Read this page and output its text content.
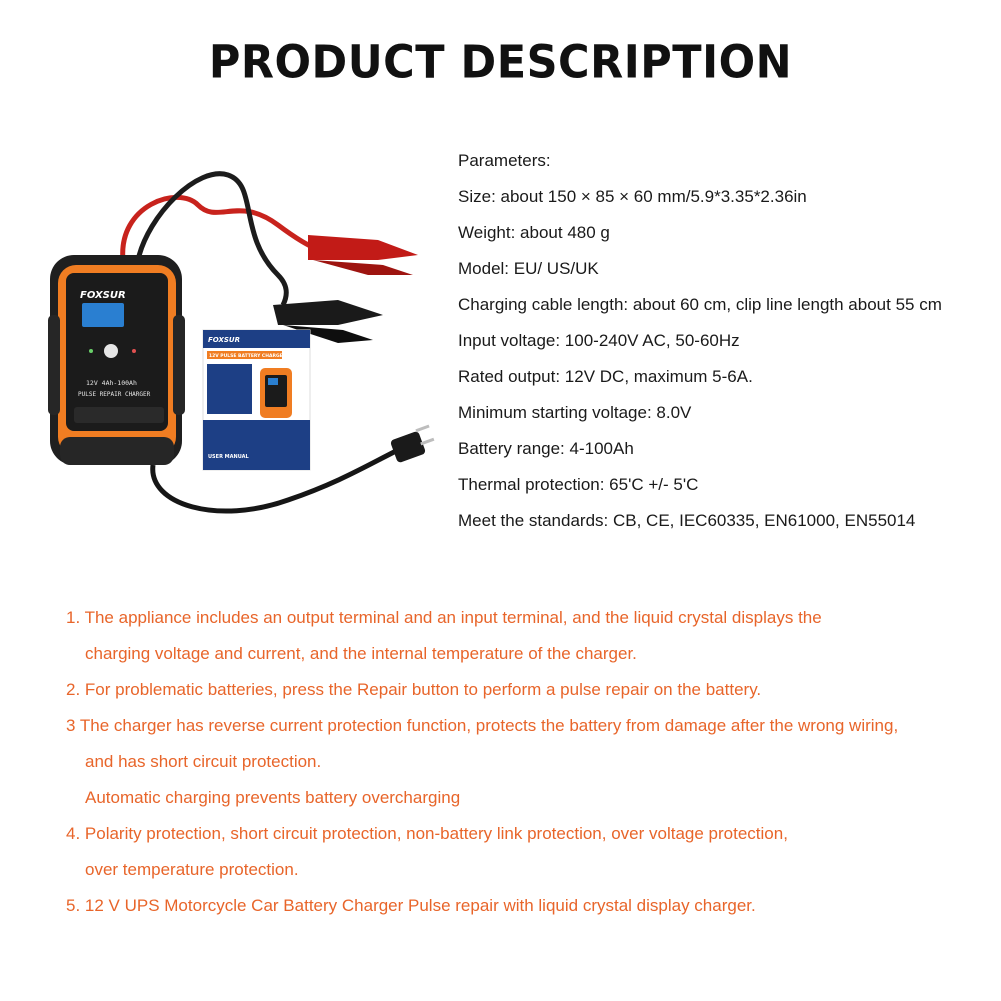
PRODUCT DESCRIPTION
FOXSUR
12V 4Ah-100Ah
PULSE REPAIR CHARGER
FOXSUR
12V PULSE BATTERY CHARGER
USER MANUAL
Parameters:
Size: about 150 × 85 × 60 mm/5.9*3.35*2.36in
Weight: about 480 g
Model: EU/ US/UK
Charging cable length: about 60 cm, clip line length about 55 cm
Input voltage: 100-240V AC, 50-60Hz
Rated output: 12V DC, maximum 5-6A.
Minimum starting voltage: 8.0V
Battery range: 4-100Ah
Thermal protection: 65'C +/- 5'C
Meet the standards: CB, CE, IEC60335, EN61000, EN55014
1. The appliance includes an output terminal and an input terminal, and the liquid crystal displays the
charging voltage and current, and the internal temperature of the charger.
2. For problematic batteries, press the Repair button to perform a pulse repair on the battery.
3 The charger has reverse current protection function, protects the battery from damage after the wrong wiring,
and has short circuit protection.
Automatic charging prevents battery overcharging
4. Polarity protection, short circuit protection, non-battery link protection, over voltage protection,
over temperature protection.
5. 12 V UPS Motorcycle Car Battery Charger Pulse repair with liquid crystal display charger.
